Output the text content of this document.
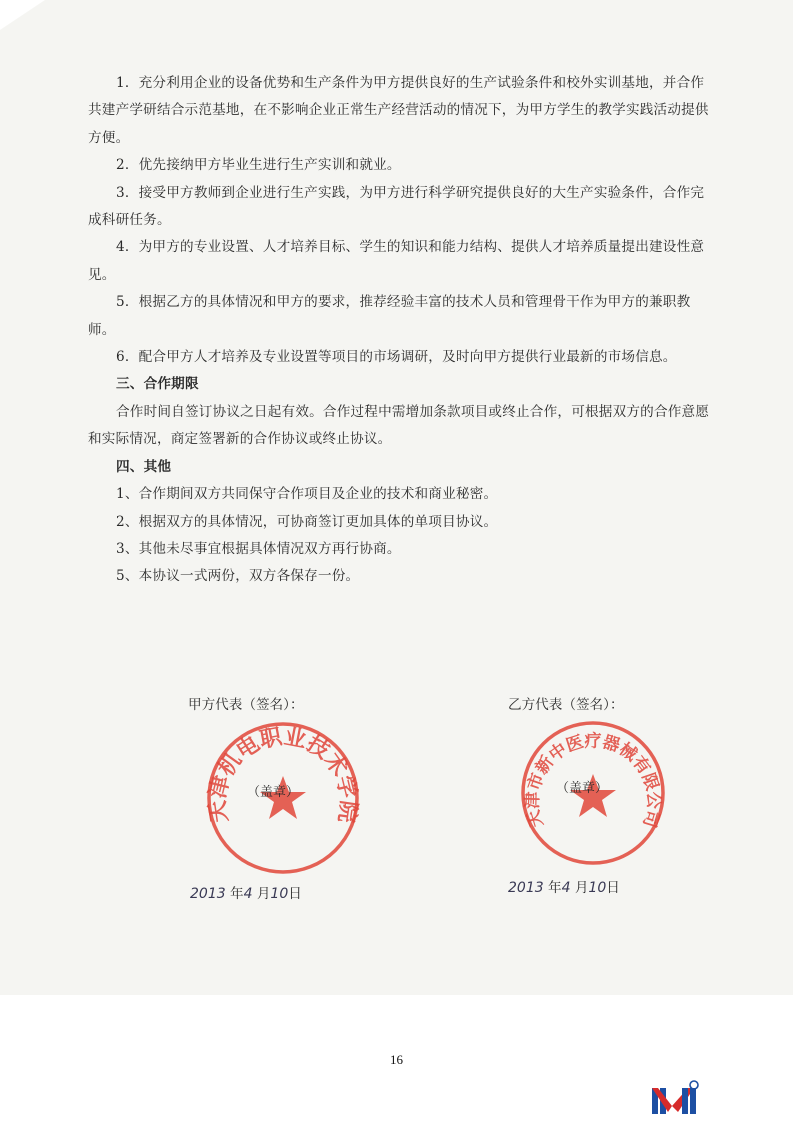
1．充分利用企业的设备优势和生产条件为甲方提供良好的生产试验条件和校外实训基地，并合作共建产学研结合示范基地，在不影响企业正常生产经营活动的情况下，为甲方学生的教学实践活动提供方便。

2．优先接纳甲方毕业生进行生产实训和就业。

3．接受甲方教师到企业进行生产实践，为甲方进行科学研究提供良好的大生产实验条件，合作完成科研任务。

4．为甲方的专业设置、人才培养目标、学生的知识和能力结构、提供人才培养质量提出建设性意见。

5．根据乙方的具体情况和甲方的要求，推荐经验丰富的技术人员和管理骨干作为甲方的兼职教师。

6．配合甲方人才培养及专业设置等项目的市场调研，及时向甲方提供行业最新的市场信息。

三、合作期限

合作时间自签订协议之日起有效。合作过程中需增加条款项目或终止合作，可根据双方的合作意愿和实际情况，商定签署新的合作协议或终止协议。

四、其他

1、合作期间双方共同保守合作项目及企业的技术和商业秘密。

2、根据双方的具体情况，可协商签订更加具体的单项目协议。

3、其他未尽事宜根据具体情况双方再行协商。

5、本协议一式两份，双方各保存一份。

甲方代表（签名）：	乙方代表（签名）：
天津机电职业技术学院
（盖章）
天津市新中医疗器械有限公司
（盖章）
2013 年4 月10日	2013 年4 月10日
16
